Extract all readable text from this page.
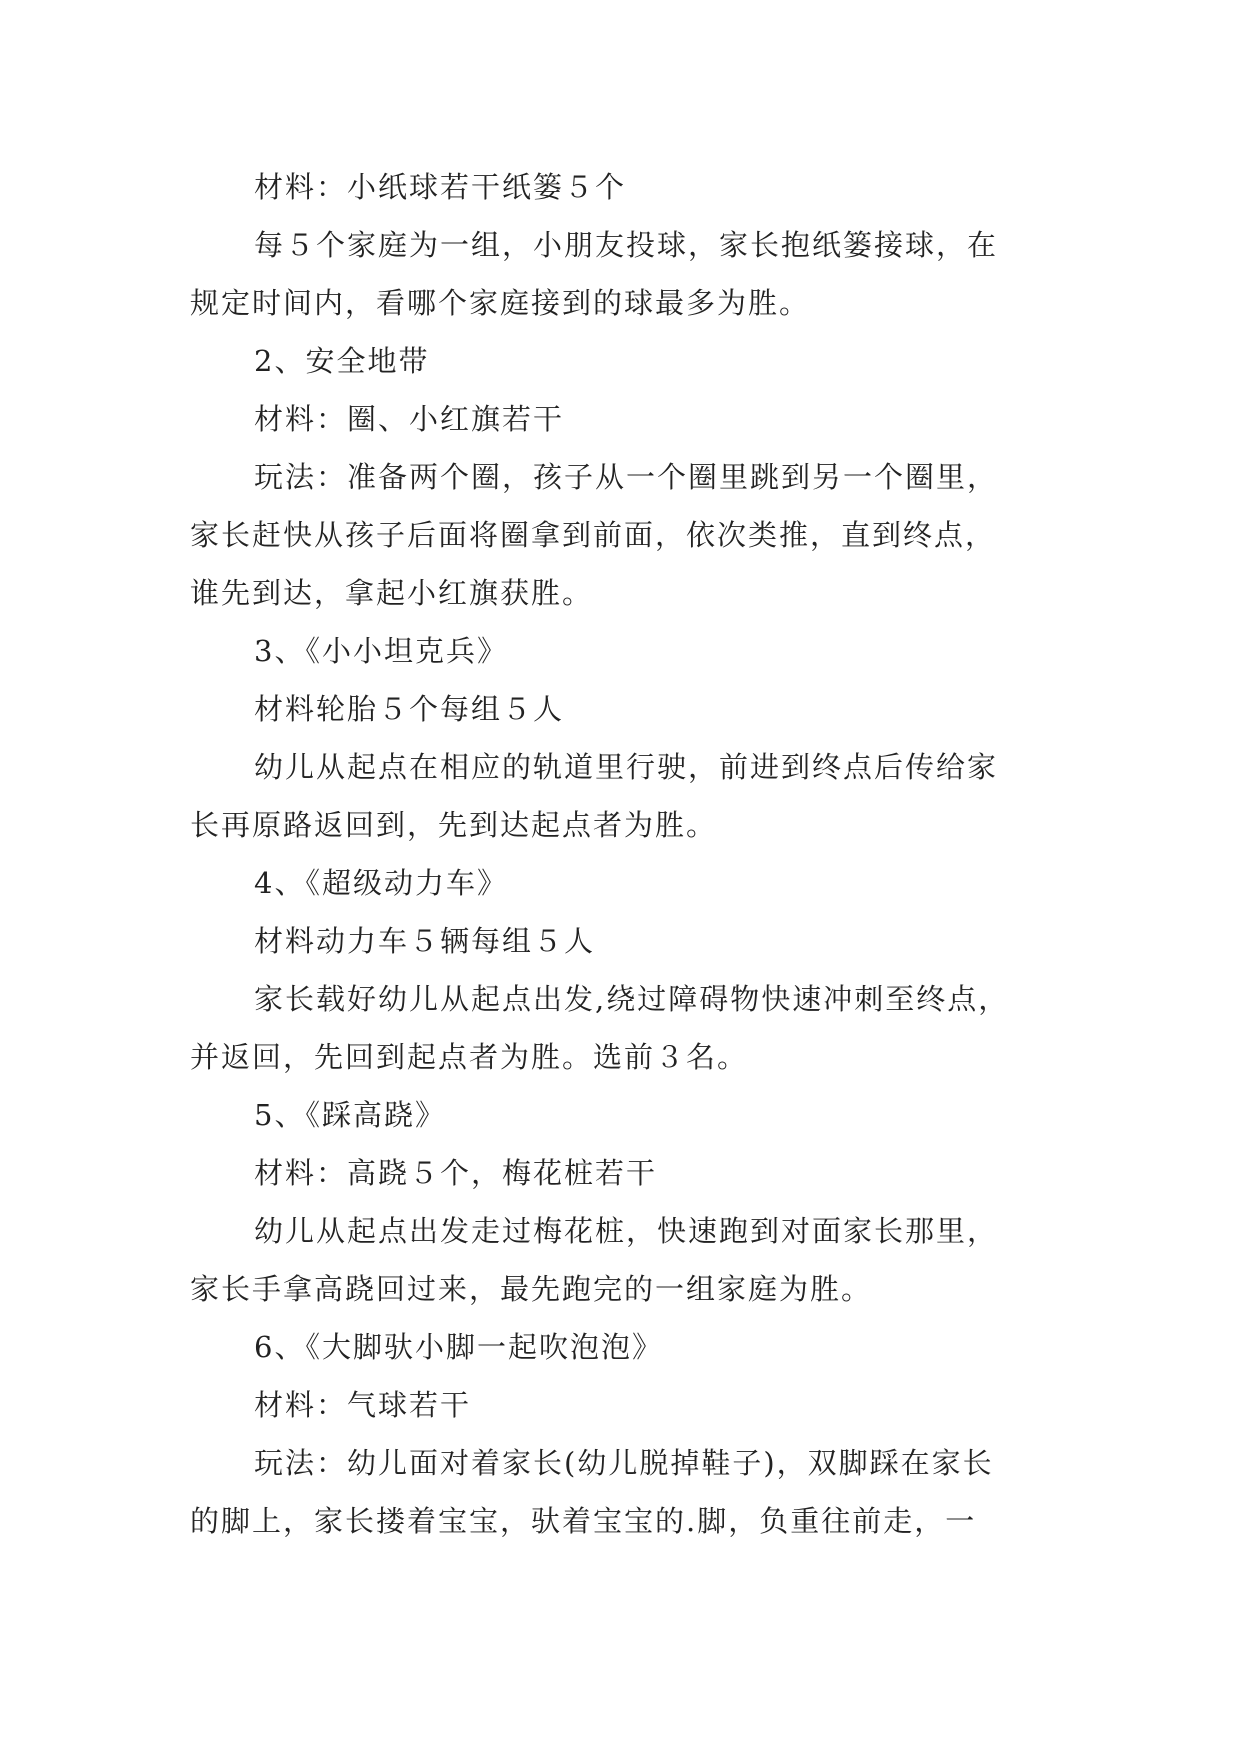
材料：小纸球若干纸篓５个

每５个家庭为一组，小朋友投球，家长抱纸篓接球，在
规定时间内，看哪个家庭接到的球最多为胜。

2、安全地带

材料：圈、小红旗若干

玩法：准备两个圈，孩子从一个圈里跳到另一个圈里，
家长赶快从孩子后面将圈拿到前面，依次类推，直到终点，
谁先到达，拿起小红旗获胜。

3、《小小坦克兵》

材料轮胎５个每组５人

幼儿从起点在相应的轨道里行驶，前进到终点后传给家
长再原路返回到，先到达起点者为胜。

4、《超级动力车》

材料动力车５辆每组５人

家长载好幼儿从起点出发,绕过障碍物快速冲刺至终点，
并返回，先回到起点者为胜。选前３名。

5、《踩高跷》

材料：高跷５个，梅花桩若干

幼儿从起点出发走过梅花桩，快速跑到对面家长那里，
家长手拿高跷回过来，最先跑完的一组家庭为胜。

6、《大脚驮小脚一起吹泡泡》

材料：气球若干

玩法：幼儿面对着家长(幼儿脱掉鞋子)，双脚踩在家长
的脚上，家长搂着宝宝，驮着宝宝的.脚，负重往前走，一
